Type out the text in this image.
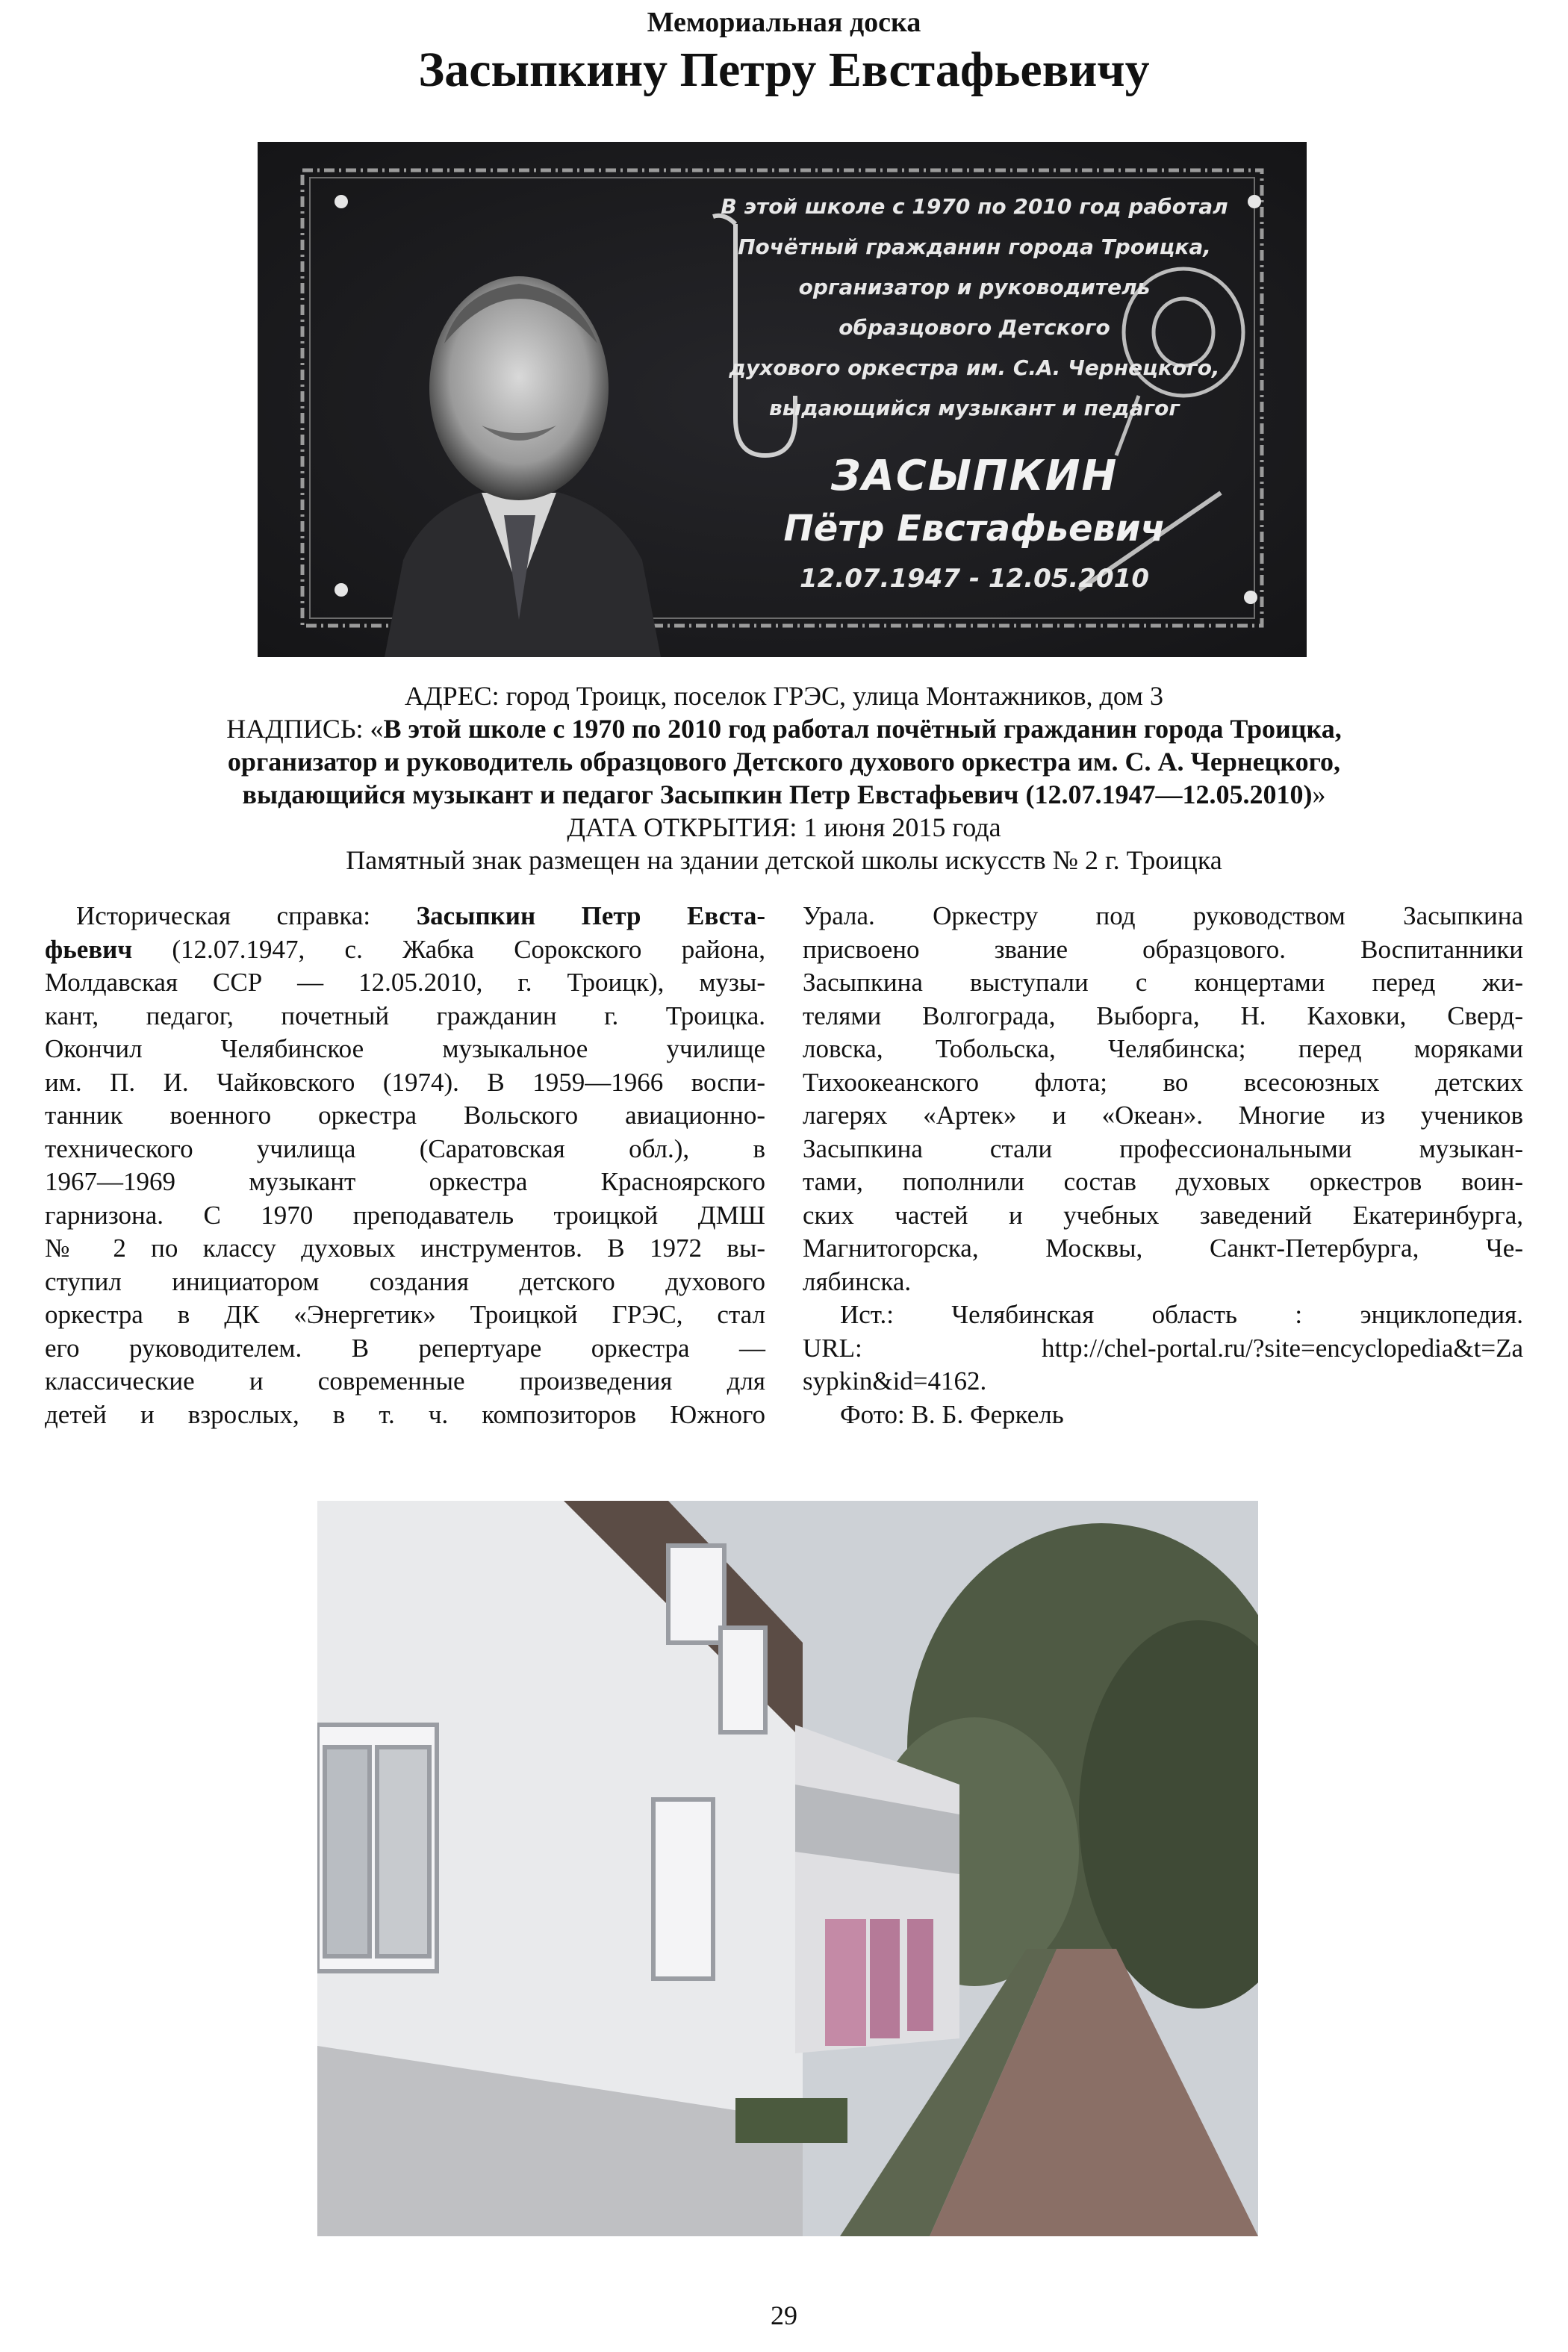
Мемориальная доска
Засыпкину Петру Евстафьевичу
В этой школе с 1970 по 2010 год работал
Почётный гражданин города Троицка,
организатор и руководитель
образцового Детского
духового оркестра им. С.А. Чернецкого,
выдающийся музыкант и педагог
ЗАСЫПКИН
Пётр Евстафьевич
12.07.1947 - 12.05.2010
АДРЕС: город Троицк, поселок ГРЭС, улица Монтажников, дом 3
НАДПИСЬ: «В этой школе с 1970 по 2010 год работал почётный гражданин города Троицка,
организатор и руководитель образцового Детского духового оркестра им. С. А. Чернецкого,
выдающийся музыкант и педагог Засыпкин Петр Евстафьевич (12.07.1947—12.05.2010)»
ДАТА ОТКРЫТИЯ: 1 июня 2015 года
Памятный знак размещен на здании детской школы искусств № 2 г. Троицка
Историческая справка: Засыпкин Петр Евста-
фьевич (12.07.1947, с. Жабка Сорокского района,
Молдавская ССР — 12.05.2010, г. Троицк), музы-
кант, педагог, почетный гражданин г. Троицка.
Окончил Челябинское музыкальное училище
им. П. И. Чайковского (1974). В 1959—1966 воспи-
танник военного оркестра Вольского авиационно-
технического училища (Саратовская обл.), в
1967—1969 музыкант оркестра Красноярского
гарнизона. С 1970 преподаватель троицкой ДМШ
№ 2 по классу духовых инструментов. В 1972 вы-
ступил инициатором создания детского духового
оркестра в ДК «Энергетик» Троицкой ГРЭС, стал
его руководителем. В репертуаре оркестра —
классические и современные произведения для
детей и взрослых, в т. ч. композиторов Южного
Урала. Оркестру под руководством Засыпкина
присвоено звание образцового. Воспитанники
Засыпкина выступали с концертами перед жи-
телями Волгограда, Выборга, Н. Каховки, Сверд-
ловска, Тобольска, Челябинска; перед моряками
Тихоокеанского флота; во всесоюзных детских
лагерях «Артек» и «Океан». Многие из учеников
Засыпкина стали профессиональными музыкан-
тами, пополнили состав духовых оркестров воин-
ских частей и учебных заведений Екатеринбурга,
Магнитогорска, Москвы, Санкт-Петербурга, Че-
лябинска.
Ист.: Челябинская область : энциклопедия.
URL: http://chel-portal.ru/?site=encyclopedia&t=Za
sypkin&id=4162.
Фото: В. Б. Феркель
29
